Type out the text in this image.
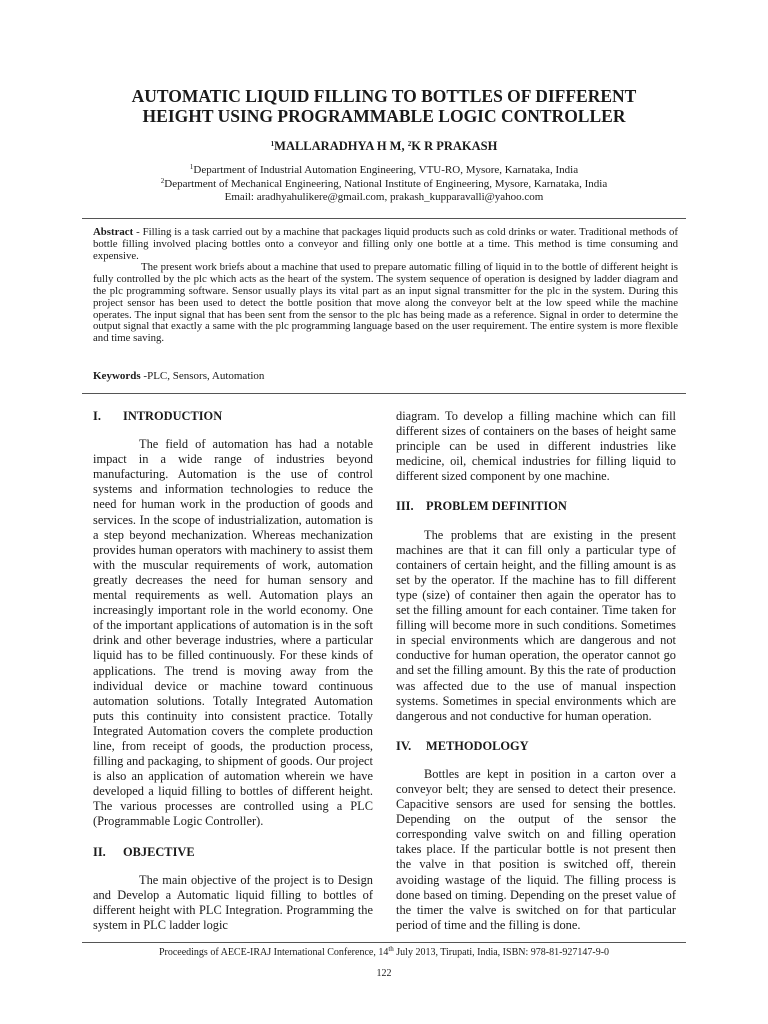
AUTOMATIC LIQUID FILLING TO BOTTLES OF DIFFERENT
HEIGHT USING PROGRAMMABLE LOGIC CONTROLLER
$^1$MALLARADHYA H M, $^2$K R PRAKASH
$^1$Department of Industrial Automation Engineering, VTU-RO, Mysore, Karnataka, India
$^2$Department of Mechanical Engineering, National Institute of Engineering, Mysore, Karnataka, India
Email: aradhyahulikere@gmail.com, prakash_kupparavalli@yahoo.com

Abstract - Filling is a task carried out by a machine that packages liquid products such as cold drinks or water. Traditional methods of bottle filling involved placing bottles onto a conveyor and filling only one bottle at a time. This method is time consuming and expensive.

The present work briefs about a machine that used to prepare automatic filling of liquid in to the bottle of different height is fully controlled by the plc which acts as the heart of the system. The system sequence of operation is designed by ladder diagram and the plc programming software. Sensor usually plays its vital part as an input signal transmitter for the plc in the system. During this project sensor has been used to detect the bottle position that move along the conveyor belt at the low speed while the machine operates. The input signal that has been sent from the sensor to the plc has being made as a reference. Signal in order to determine the output signal that exactly a same with the plc programming language based on the user requirement. The entire system is more flexible and time saving.

Keywords -PLC, Sensors, Automation
I.	INTRODUCTION

The field of automation has had a notable impact in a wide range of industries beyond manufacturing. Automation is the use of control systems and information technologies to reduce the need for human work in the production of goods and services. In the scope of industrialization, automation is a step beyond mechanization. Whereas mechanization provides human operators with machinery to assist them with the muscular requirements of work, automation greatly decreases the need for human sensory and mental requirements as well. Automation plays an increasingly important role in the world economy. One of the important applications of automation is in the soft drink and other beverage industries, where a particular liquid has to be filled continuously. For these kinds of applications. The trend is moving away from the individual device or machine toward continuous automation solutions. Totally Integrated Automation puts this continuity into consistent practice. Totally Integrated Automation covers the complete production line, from receipt of goods, the production process, filling and packaging, to shipment of goods. Our project is also an application of automation wherein we have developed a liquid filling to bottles of different height. The various processes are controlled using a PLC (Programmable Logic Controller).

II.	OBJECTIVE

The main objective of the project is to Design and Develop a Automatic liquid filling to bottles of different height with PLC Integration. Programming the system in PLC ladder logic

diagram. To develop a filling machine which can fill different sizes of containers on the bases of height same principle can be used in different industries like medicine, oil, chemical industries for filling liquid to different sized component by one machine.

III.	PROBLEM DEFINITION

The problems that are existing in the present machines are that it can fill only a particular type of containers of certain height, and the filling amount is as set by the operator. If the machine has to fill different type (size) of container then again the operator has to set the filling amount for each container. Time taken for filling will become more in such conditions. Sometimes in special environments which are dangerous and not conductive for human operation, the operator cannot go and set the filling amount. By this the rate of production was affected due to the use of manual inspection systems. Sometimes in special environments which are dangerous and not conductive for human operation.

IV.	METHODOLOGY

Bottles are kept in position in a carton over a conveyor belt; they are sensed to detect their presence. Capacitive sensors are used for sensing the bottles. Depending on the output of the sensor the corresponding valve switch on and filling operation takes place. If the particular bottle is not present then the valve in that position is switched off, therein avoiding wastage of the liquid. The filling process is done based on timing. Depending on the preset value of the timer the valve is switched on for that particular period of time and the filling is done.

Proceedings of AECE-IRAJ International Conference, 14th July 2013, Tirupati, India, ISBN: 978-81-927147-9-0
122
